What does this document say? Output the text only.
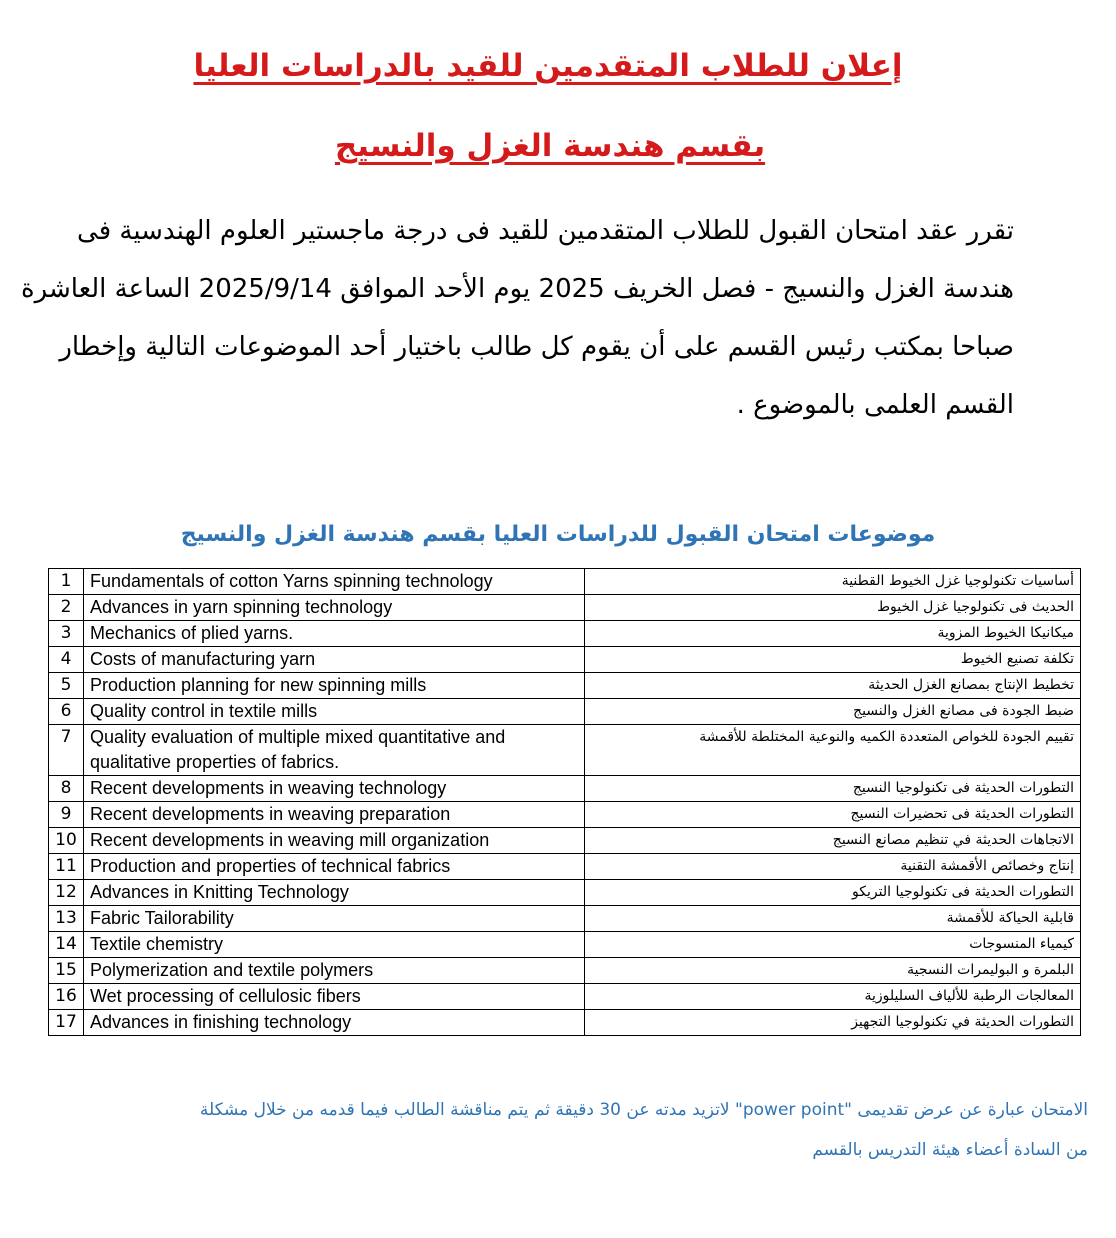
إعلان للطلاب المتقدمين للقيد بالدراسات العليا
بقسم هندسة الغزل والنسيج

تقرر عقد امتحان القبول للطلاب المتقدمين للقيد فى درجة ماجستير العلوم الهندسية فى

هندسة الغزل والنسيج - فصل الخريف 2025 يوم الأحد الموافق 2025/9/14 الساعة العاشرة

صباحا بمكتب رئيس القسم على أن يقوم كل طالب باختيار أحد الموضوعات التالية وإخطار

القسم العلمى بالموضوع .

موضوعات امتحان القبول للدراسات العليا بقسم هندسة الغزل والنسيج
1	Fundamentals of cotton Yarns spinning technology	أساسيات تكنولوجيا غزل الخيوط القطنية
2	Advances in yarn spinning technology	الحديث فى تكنولوجيا غزل الخيوط
3	Mechanics of plied yarns.	ميكانيكا الخيوط المزوية
4	Costs of manufacturing yarn	تكلفة تصنيع الخيوط
5	Production planning for new spinning mills	تخطيط الإنتاج بمصانع الغزل الحديثة
6	Quality control in textile mills	ضبط الجودة فى مصانع الغزل والنسيج
7	Quality evaluation of multiple mixed quantitative and qualitative properties of fabrics.	تقييم الجودة للخواص المتعددة الكميه والنوعية المختلطة للأقمشة
8	Recent developments in weaving technology	التطورات الحديثة فى تكنولوجيا النسيج
9	Recent developments in weaving preparation	التطورات الحديثة فى تحضيرات النسيج
10	Recent developments in weaving mill organization	الاتجاهات الحديثة في تنظيم مصانع النسيج
11	Production and properties of technical fabrics	إنتاج وخصائص الأقمشة التقنية
12	Advances in Knitting Technology	التطورات الحديثة فى تكنولوجيا التريكو
13	Fabric Tailorability	قابلية الحياكة للأقمشة
14	Textile chemistry	كيمياء المنسوجات
15	Polymerization and textile polymers	البلمرة و البوليمرات النسجية
16	Wet processing of cellulosic fibers	المعالجات الرطبة للألياف السليلوزية
17	Advances in finishing technology	التطورات الحديثة في تكنولوجيا التجهيز

الامتحان عبارة عن عرض تقديمى "power point" لاتزيد مدته عن 30 دقيقة ثم يتم مناقشة الطالب فيما قدمه من خلال مشكلة

من السادة أعضاء هيئة التدريس بالقسم
